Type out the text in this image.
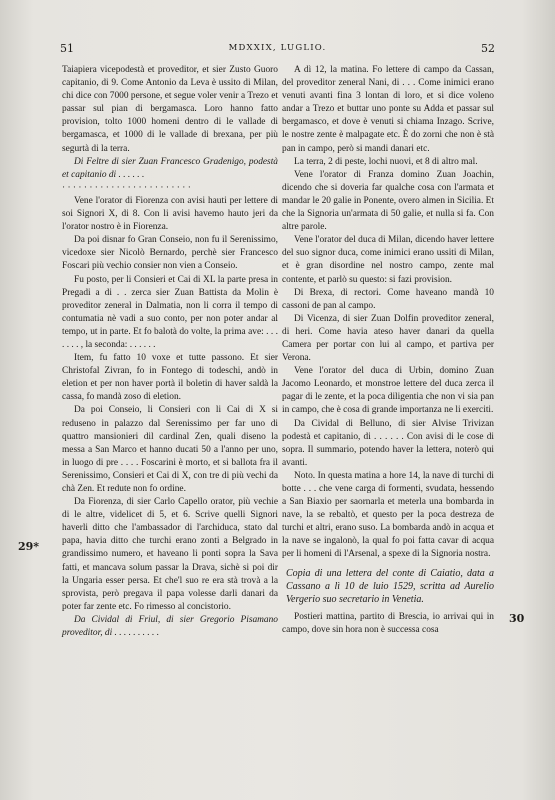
51	MDXXIX, LUGLIO.	52

Taiapiera vicepodestà et proveditor, et sier Zusto Guoro capitanio, di 9. Come Antonio da Leva è ussito di Milan, chi dice con 7000 persone, et segue voler venir a Trezo et passar sul pian di bergamasca. Loro hanno fatto provision, tolto 1000 homeni dentro di le vallade di bergamasca, et 1000 di le vallade di brexana, per più segurtà di la terra.

Di Feltre di sier Zuan Francesco Gradenigo, podestà et capitanio di . . . . . .

· · · · · · · · · · · · · · · · · · · · · · · ·

Vene l'orator di Fiorenza con avisi hauti per lettere di soi Signori X, di 8. Con li avisi havemo hauto jeri da l'orator nostro è in Fiorenza.

Da poi disnar fo Gran Conseio, non fu il Serenissimo, vicedoxe sier Nicolò Bernardo, perchè sier Francesco Foscari più vechio consier non vien a Conseio.

Fu posto, per li Consieri et Cai di XL la parte presa in Pregadi a di . . zerca sier Zuan Battista da Molin è proveditor zeneral in Dalmatia, non li corra il tempo di contumatia nè vadi a suo conto, per non poter andar al tempo, ut in parte. Et fo balotà do volte, la prima ave: . . . . . . . , la seconda: . . . . . .

Item, fu fatto 10 voxe et tutte passono. Et sier Christofal Zivran, fo in Fontego di todeschi, andò in eletion et per non haver portà il boletin di haver saldà la cassa, fo mandà zoso di eletion.

Da poi Conseio, li Consieri con li Cai di X si reduseno in palazzo dal Serenissimo per far uno di quattro mansionieri dil cardinal Zen, quali diseno la messa a San Marco et hanno ducati 50 a l'anno per uno, in luogo di pre . . . . Foscarini è morto, et si ballota fra il Serenissimo, Consieri et Cai di X, con tre di più vechi da chà Zen. Et redute non fo ordine.

Da Fiorenza, di sier Carlo Capello orator, più vechie di le altre, videlicet di 5, et 6. Scrive quelli Signori haverli ditto che l'ambassador di l'archiduca, stato dal papa, havia ditto che turchi erano zonti a Belgrado in grandissimo numero, et haveano li ponti sopra la Sava fatti, et mancava solum passar la Drava, sichè si poi dir la Ungaria esser persa. Et che'l suo re era stà trovà a la sprovista, però pregava il papa volesse darli danari da poter far zente etc. Fo rimesso al concistorio.

Da Cividal di Friul, di sier Gregorio Pisamano proveditor, di . . . . . . . . . .

A dì 12, la matina. Fo lettere di campo da Cassan, del proveditor zeneral Nani, di . . . Come inimici erano venuti avanti fina 3 lontan di loro, et si dice voleno andar a Trezo et buttar uno ponte su Adda et passar sul bergamasco, et dove è venuti si chiama Inzago. Scrive, le nostre zente è malpagate etc. È do zorni che non è stà pan in campo, però si mandi danari etc.

La terra, 2 di peste, lochi nuovi, et 8 di altro mal.

Vene l'orator di Franza domino Zuan Joachin, dicendo che si doveria far qualche cosa con l'armata et mandar le 20 galie in Ponente, overo almen in Sicilia. Et che la Signoria un'armata di 50 galie, et nulla si fa. Con altre parole.

Vene l'orator del duca di Milan, dicendo haver lettere del suo signor duca, come inimici erano ussiti di Milan, et è gran disordine nel nostro campo, zente mal contente, et parlò su questo: si fazi provision.

Di Brexa, di rectori. Come haveano mandà 10 cassoni de pan al campo.

Di Vicenza, di sier Zuan Dolfin proveditor zeneral, di heri. Come havia ateso haver danari da quella Camera per portar con lui al campo, et partiva per Verona.

Vene l'orator del duca di Urbin, domino Zuan Jacomo Leonardo, et monstroe lettere del duca zerca il pagar di le zente, et la poca diligentia che non vi sia pan in campo, che è cosa di grande importanza ne li exerciti.

Da Cividal di Belluno, di sier Alvise Trivizan podestà et capitanio, di . . . . . . Con avisi di le cose di sopra. Il summario, potendo haver la lettera, noterò qui avanti.

Noto. In questa matina a hore 14, la nave di turchi di botte . . . che vene carga di formenti, svudata, hessendo a San Biaxio per saornarla et meterla una bombarda in nave, la se rebaltò, et questo per la poca destreza de turchi et altri, erano suso. La bombarda andò in acqua et la nave se ingalonò, la qual fo poi fatta cavar di acqua per li homeni di l'Arsenal, a spexe di la Signoria nostra.

Copia di una lettera del conte di Caiatio, data a Cassano a lì 10 de luio 1529, scritta ad Aurelio Vergerio suo secretario in Venetia.

Postieri mattina, partito di Brescia, io arrivai qui in campo, dove sin hora non è successa cosa

29*
30
